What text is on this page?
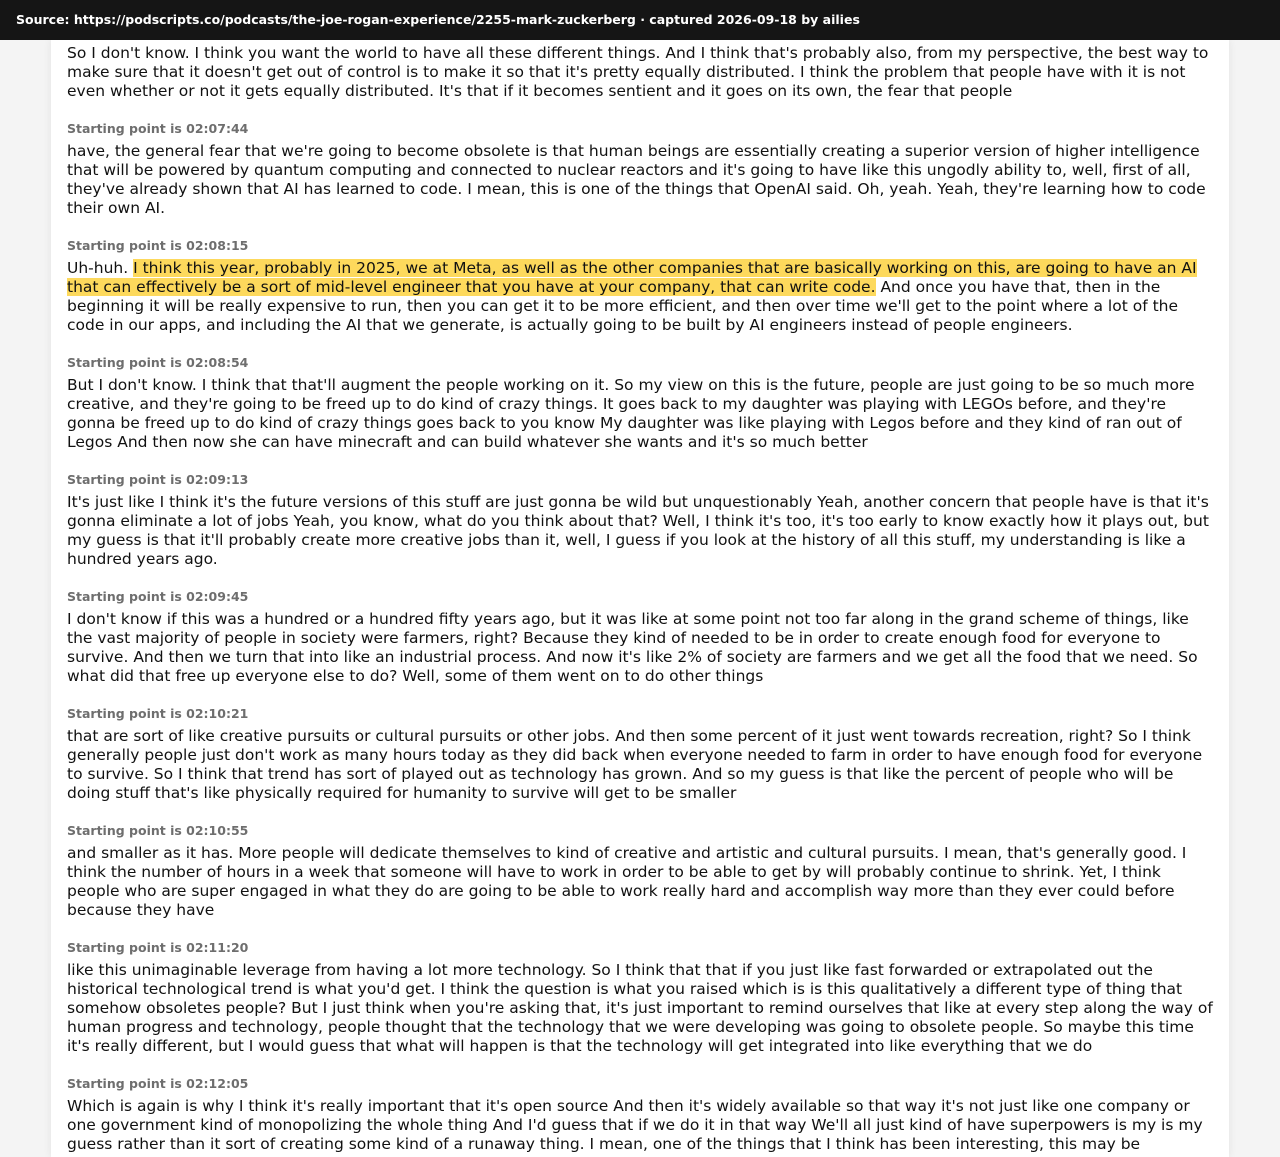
Source: https://podscripts.co/podcasts/the-joe-rogan-experience/2255-mark-zuckerberg · captured 2026-09-18 by ailies

So I don't know. I think you want the world to have all these different things. And I think that's probably also, from my perspective, the best way to make sure that it doesn't get out of control is to make it so that it's pretty equally distributed. I think the problem that people have with it is not even whether or not it gets equally distributed. It's that if it becomes sentient and it goes on its own, the fear that people

Starting point is 02:07:44

have, the general fear that we're going to become obsolete is that human beings are essentially creating a superior version of higher intelligence that will be powered by quantum computing and connected to nuclear reactors and it's going to have like this ungodly ability to, well, first of all, they've already shown that AI has learned to code. I mean, this is one of the things that OpenAI said. Oh, yeah. Yeah, they're learning how to code their own AI.

Starting point is 02:08:15

Uh-huh. I think this year, probably in 2025, we at Meta, as well as the other companies that are basically working on this, are going to have an AI that can effectively be a sort of mid-level engineer that you have at your company, that can write code. And once you have that, then in the beginning it will be really expensive to run, then you can get it to be more efficient, and then over time we'll get to the point where a lot of the code in our apps, and including the AI that we generate, is actually going to be built by AI engineers instead of people engineers.

Starting point is 02:08:54

But I don't know. I think that that'll augment the people working on it. So my view on this is the future, people are just going to be so much more creative, and they're going to be freed up to do kind of crazy things. It goes back to my daughter was playing with LEGOs before, and they're gonna be freed up to do kind of crazy things goes back to you know My daughter was like playing with Legos before and they kind of ran out of Legos And then now she can have minecraft and can build whatever she wants and it's so much better

Starting point is 02:09:13

It's just like I think it's the future versions of this stuff are just gonna be wild but unquestionably Yeah, another concern that people have is that it's gonna eliminate a lot of jobs Yeah, you know, what do you think about that? Well, I think it's too, it's too early to know exactly how it plays out, but my guess is that it'll probably create more creative jobs than it, well, I guess if you look at the history of all this stuff, my understanding is like a hundred years ago.

Starting point is 02:09:45

I don't know if this was a hundred or a hundred fifty years ago, but it was like at some point not too far along in the grand scheme of things, like the vast majority of people in society were farmers, right? Because they kind of needed to be in order to create enough food for everyone to survive. And then we turn that into like an industrial process. And now it's like 2% of society are farmers and we get all the food that we need. So what did that free up everyone else to do? Well, some of them went on to do other things

Starting point is 02:10:21

that are sort of like creative pursuits or cultural pursuits or other jobs. And then some percent of it just went towards recreation, right? So I think generally people just don't work as many hours today as they did back when everyone needed to farm in order to have enough food for everyone to survive. So I think that trend has sort of played out as technology has grown. And so my guess is that like the percent of people who will be doing stuff that's like physically required for humanity to survive will get to be smaller

Starting point is 02:10:55

and smaller as it has. More people will dedicate themselves to kind of creative and artistic and cultural pursuits. I mean, that's generally good. I think the number of hours in a week that someone will have to work in order to be able to get by will probably continue to shrink. Yet, I think people who are super engaged in what they do are going to be able to work really hard and accomplish way more than they ever could before because they have

Starting point is 02:11:20

like this unimaginable leverage from having a lot more technology. So I think that that if you just like fast forwarded or extrapolated out the historical technological trend is what you'd get. I think the question is what you raised which is is this qualitatively a different type of thing that somehow obsoletes people? But I just think when you're asking that, it's just important to remind ourselves that like at every step along the way of human progress and technology, people thought that the technology that we were developing was going to obsolete people. So maybe this time it's really different, but I would guess that what will happen is that the technology will get integrated into like everything that we do

Starting point is 02:12:05

Which is again is why I think it's really important that it's open source And then it's widely available so that way it's not just like one company or one government kind of monopolizing the whole thing And I'd guess that if we do it in that way We'll all just kind of have superpowers is my is my guess rather than it sort of creating some kind of a runaway thing. I mean, one of the things that I think has been interesting, this may be
